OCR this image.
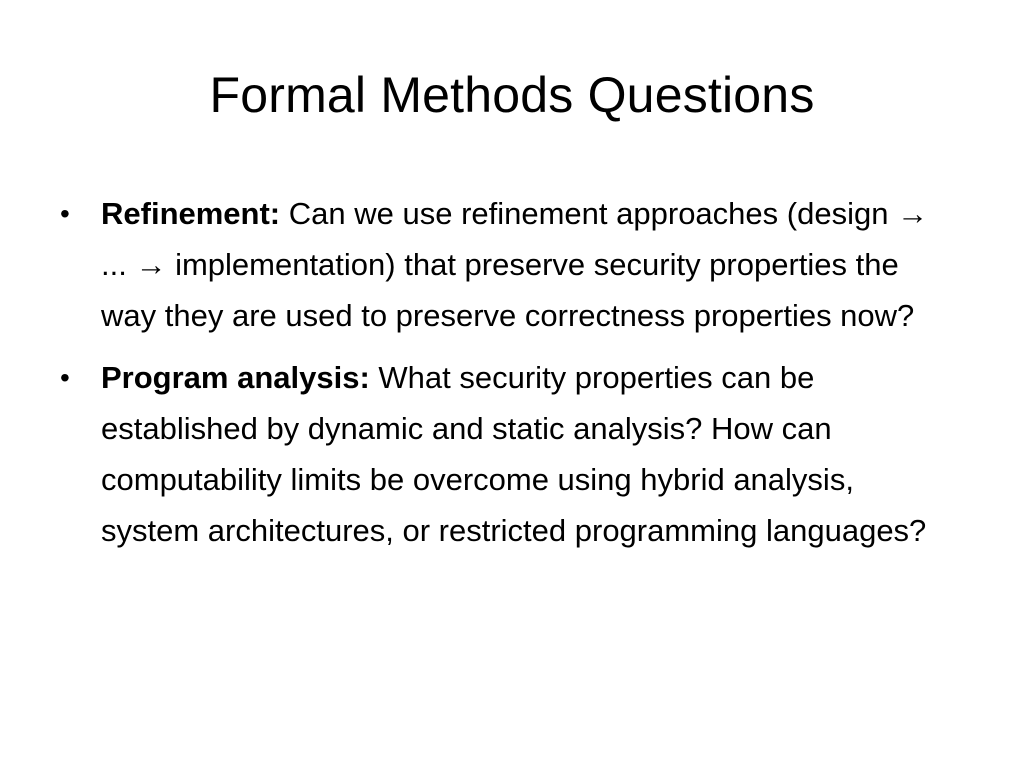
Formal Methods Questions
• Refinement: Can we use refinement approaches (design → ... → implementation) that preserve security properties the way they are used to preserve correctness properties now?
• Program analysis: What security properties can be established by dynamic and static analysis? How can computability limits be overcome using hybrid analysis, system architectures, or restricted programming languages?
